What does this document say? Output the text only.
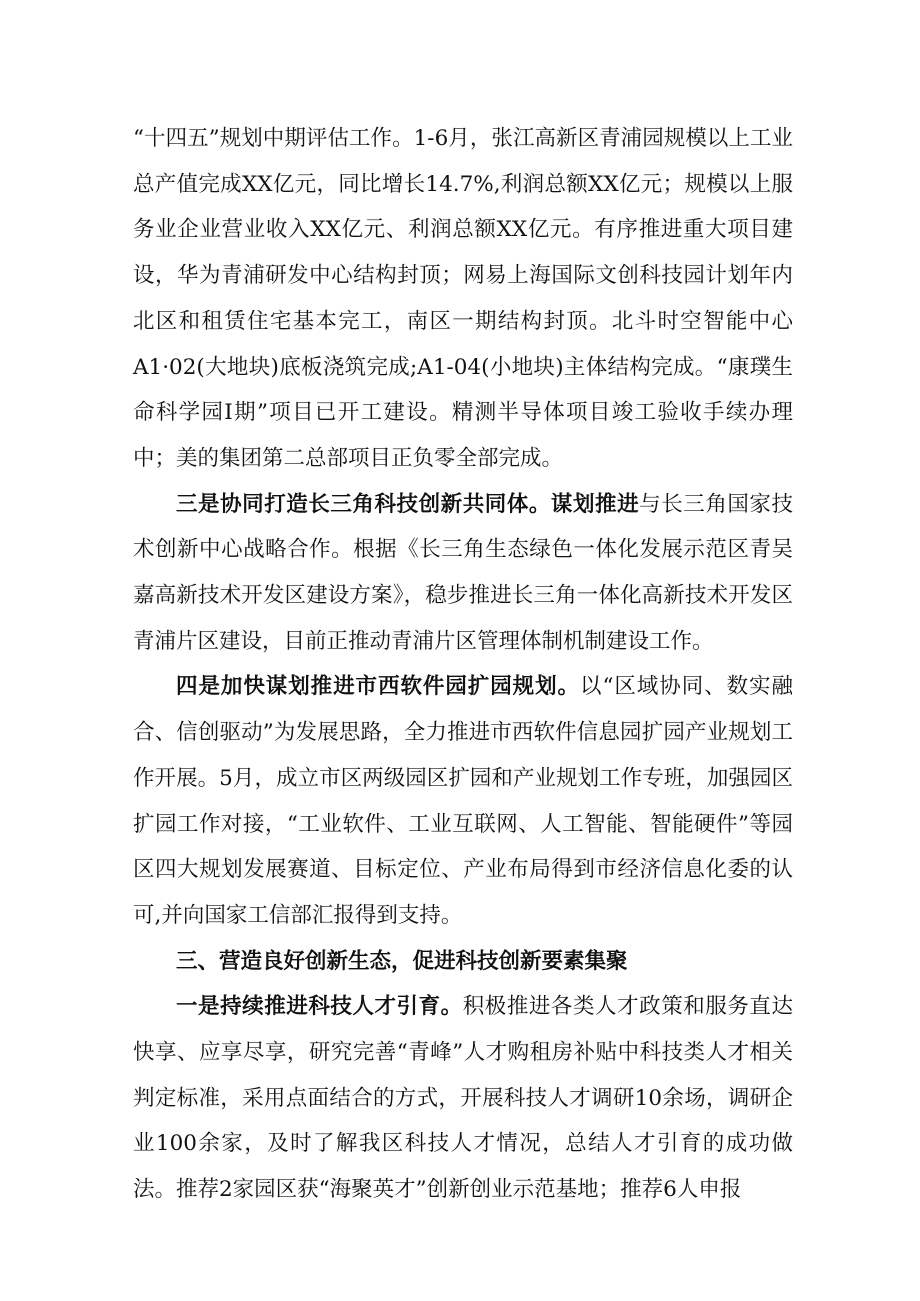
“十四五”规划中期评估工作。1-6月，张江高新区青浦园规模以上工业总产值完成XX亿元，同比增长14.7%,利润总额XX亿元；规模以上服务业企业营业收入XX亿元、利润总额XX亿元。有序推进重大项目建设，华为青浦研发中心结构封顶；网易上海国际文创科技园计划年内北区和租赁住宅基本完工，南区一期结构封顶。北斗时空智能中心A1·02(大地块)底板浇筑完成;A1-04(小地块)主体结构完成。“康璞生命科学园Ⅰ期”项目已开工建设。精测半导体项目竣工验收手续办理中；美的集团第二总部项目正负零全部完成。

三是协同打造长三角科技创新共同体。谋划推进与长三角国家技术创新中心战略合作。根据《长三角生态绿色一体化发展示范区青吴嘉高新技术开发区建设方案》，稳步推进长三角一体化高新技术开发区青浦片区建设，目前正推动青浦片区管理体制机制建设工作。

四是加快谋划推进市西软件园扩园规划。以“区域协同、数实融合、信创驱动”为发展思路，全力推进市西软件信息园扩园产业规划工作开展。5月，成立市区两级园区扩园和产业规划工作专班，加强园区扩园工作对接，“工业软件、工业互联网、人工智能、智能硬件”等园区四大规划发展赛道、目标定位、产业布局得到市经济信息化委的认可,并向国家工信部汇报得到支持。

三、营造良好创新生态，促进科技创新要素集聚

一是持续推进科技人才引育。积极推进各类人才政策和服务直达快享、应享尽享，研究完善“青峰”人才购租房补贴中科技类人才相关判定标准，采用点面结合的方式，开展科技人才调研10余场，调研企业100余家，及时了解我区科技人才情况，总结人才引育的成功做法。推荐2家园区获“海聚英才”创新创业示范基地；推荐6人申报
